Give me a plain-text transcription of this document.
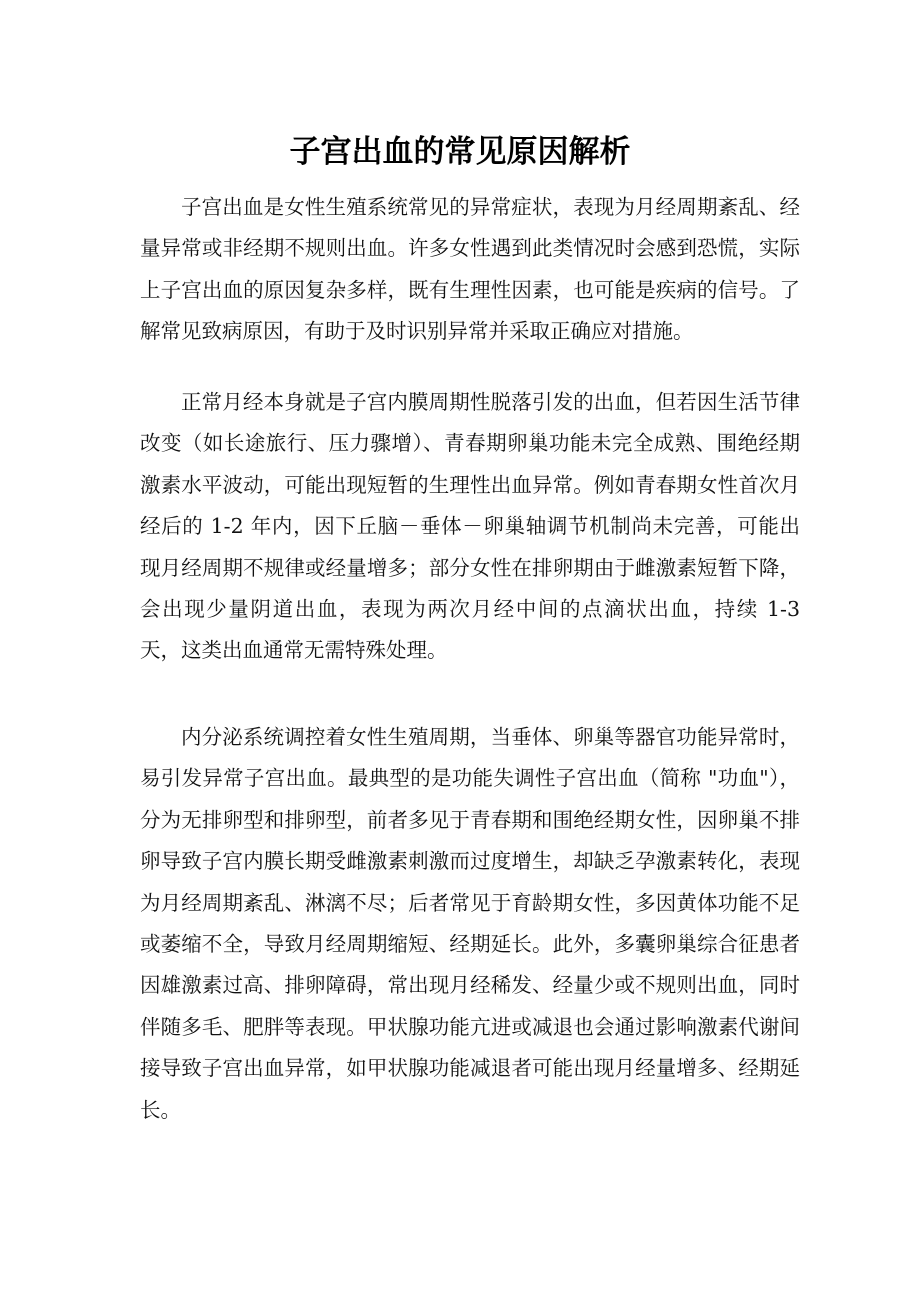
子宫出血的常见原因解析

子宫出血是女性生殖系统常见的异常症状，表现为月经周期紊乱、经量异常或非经期不规则出血。许多女性遇到此类情况时会感到恐慌，实际上子宫出血的原因复杂多样，既有生理性因素，也可能是疾病的信号。了解常见致病原因，有助于及时识别异常并采取正确应对措施。

正常月经本身就是子宫内膜周期性脱落引发的出血，但若因生活节律改变（如长途旅行、压力骤增）、青春期卵巢功能未完全成熟、围绝经期激素水平波动，可能出现短暂的生理性出血异常。例如青春期女性首次月经后的 1-2 年内，因下丘脑－垂体－卵巢轴调节机制尚未完善，可能出现月经周期不规律或经量增多；部分女性在排卵期由于雌激素短暂下降，会出现少量阴道出血，表现为两次月经中间的点滴状出血，持续 1-3 天，这类出血通常无需特殊处理。

内分泌系统调控着女性生殖周期，当垂体、卵巢等器官功能异常时，易引发异常子宫出血。最典型的是功能失调性子宫出血（简称 "功血"），分为无排卵型和排卵型，前者多见于青春期和围绝经期女性，因卵巢不排卵导致子宫内膜长期受雌激素刺激而过度增生，却缺乏孕激素转化，表现为月经周期紊乱、淋漓不尽；后者常见于育龄期女性，多因黄体功能不足或萎缩不全，导致月经周期缩短、经期延长。此外，多囊卵巢综合征患者因雄激素过高、排卵障碍，常出现月经稀发、经量少或不规则出血，同时伴随多毛、肥胖等表现。甲状腺功能亢进或减退也会通过影响激素代谢间接导致子宫出血异常，如甲状腺功能减退者可能出现月经量增多、经期延长。
